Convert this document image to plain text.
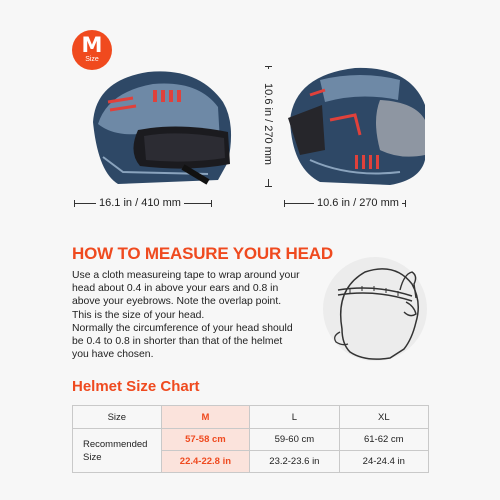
M
Size
16.1 in / 410 mm
10.6 in / 270 mm
10.6 in / 270 mm
HOW TO MEASURE YOUR HEAD

Use a cloth measureing tape to wrap around your

head about 0.4 in above your ears and 0.8 in

above your eyebrows. Note the overlap point.

This is the size of your head.

Normally the circumference of your head should

be 0.4 to 0.8 in shorter than that of the helmet

you have chosen.

Helmet Size Chart
Size	M	L	XL
Recommended
Size	57-58 cm	59-60 cm	61-62 cm
	22.4-22.8 in	23.2-23.6 in	24-24.4 in
